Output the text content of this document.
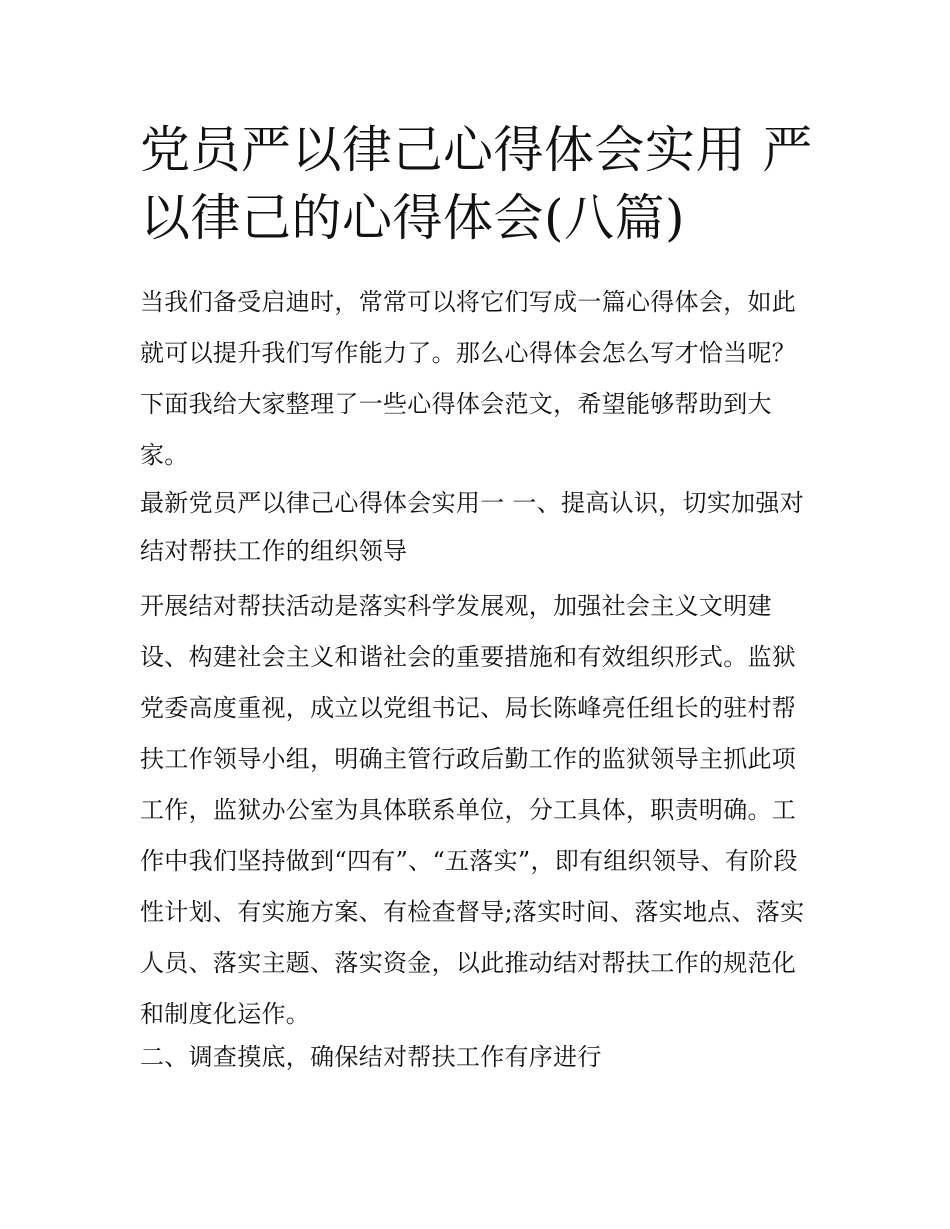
党员严以律己心得体会实用 严以律己的心得体会(八篇)

当我们备受启迪时，常常可以将它们写成一篇心得体会，如此就可以提升我们写作能力了。那么心得体会怎么写才恰当呢？下面我给大家整理了一些心得体会范文，希望能够帮助到大家。

最新党员严以律己心得体会实用一 一、提高认识，切实加强对结对帮扶工作的组织领导

开展结对帮扶活动是落实科学发展观，加强社会主义文明建设、构建社会主义和谐社会的重要措施和有效组织形式。监狱党委高度重视，成立以党组书记、局长陈峰亮任组长的驻村帮扶工作领导小组，明确主管行政后勤工作的监狱领导主抓此项工作，监狱办公室为具体联系单位，分工具体，职责明确。工作中我们坚持做到“四有”、“五落实”，即有组织领导、有阶段性计划、有实施方案、有检查督导;落实时间、落实地点、落实人员、落实主题、落实资金，以此推动结对帮扶工作的规范化和制度化运作。

二、调查摸底，确保结对帮扶工作有序进行
